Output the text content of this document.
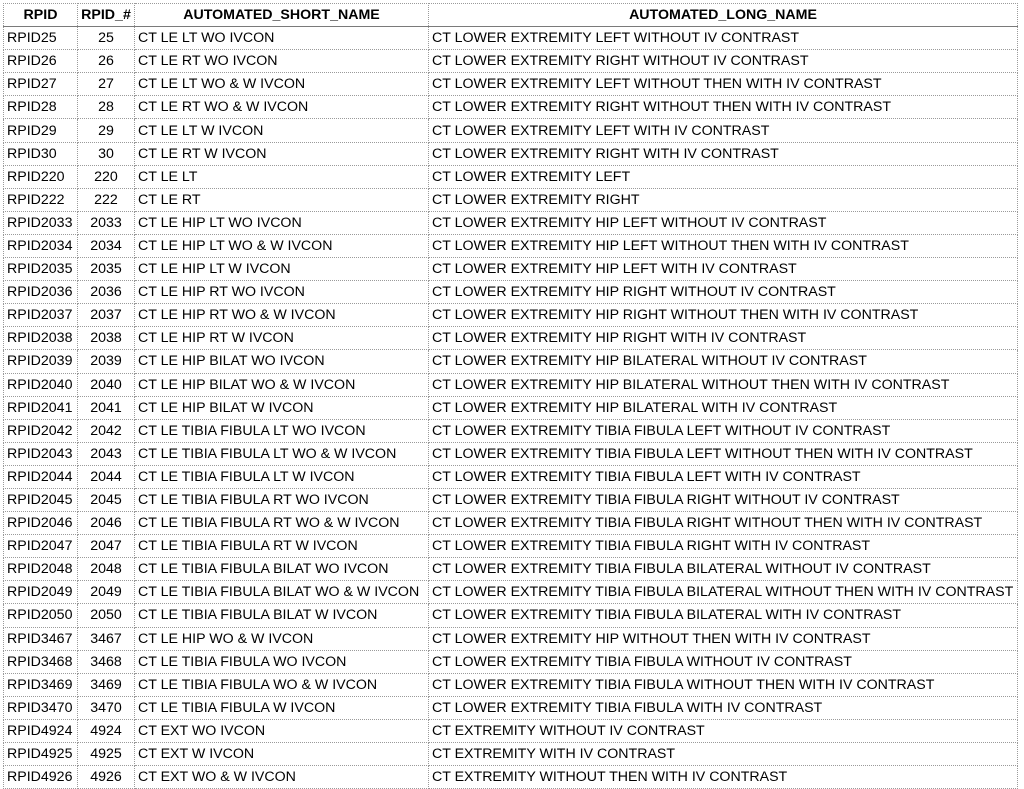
RPID	RPID_#	AUTOMATED_SHORT_NAME	AUTOMATED_LONG_NAME
RPID25	25	CT LE LT WO IVCON	CT LOWER EXTREMITY LEFT WITHOUT IV CONTRAST
RPID26	26	CT LE RT WO IVCON	CT LOWER EXTREMITY RIGHT WITHOUT IV CONTRAST
RPID27	27	CT LE LT WO & W IVCON	CT LOWER EXTREMITY LEFT WITHOUT THEN WITH IV CONTRAST
RPID28	28	CT LE RT WO & W IVCON	CT LOWER EXTREMITY RIGHT WITHOUT THEN WITH IV CONTRAST
RPID29	29	CT LE LT W IVCON	CT LOWER EXTREMITY LEFT WITH IV CONTRAST
RPID30	30	CT LE RT W IVCON	CT LOWER EXTREMITY RIGHT WITH IV CONTRAST
RPID220	220	CT LE LT	CT LOWER EXTREMITY LEFT
RPID222	222	CT LE RT	CT LOWER EXTREMITY RIGHT
RPID2033	2033	CT LE HIP LT WO IVCON	CT LOWER EXTREMITY HIP LEFT WITHOUT IV CONTRAST
RPID2034	2034	CT LE HIP LT WO & W IVCON	CT LOWER EXTREMITY HIP LEFT WITHOUT THEN WITH IV CONTRAST
RPID2035	2035	CT LE HIP LT W IVCON	CT LOWER EXTREMITY HIP LEFT WITH IV CONTRAST
RPID2036	2036	CT LE HIP RT WO IVCON	CT LOWER EXTREMITY HIP RIGHT WITHOUT IV CONTRAST
RPID2037	2037	CT LE HIP RT WO & W IVCON	CT LOWER EXTREMITY HIP RIGHT WITHOUT THEN WITH IV CONTRAST
RPID2038	2038	CT LE HIP RT W IVCON	CT LOWER EXTREMITY HIP RIGHT WITH IV CONTRAST
RPID2039	2039	CT LE HIP BILAT WO IVCON	CT LOWER EXTREMITY HIP BILATERAL WITHOUT IV CONTRAST
RPID2040	2040	CT LE HIP BILAT WO & W IVCON	CT LOWER EXTREMITY HIP BILATERAL WITHOUT THEN WITH IV CONTRAST
RPID2041	2041	CT LE HIP BILAT W IVCON	CT LOWER EXTREMITY HIP BILATERAL WITH IV CONTRAST
RPID2042	2042	CT LE TIBIA FIBULA LT WO IVCON	CT LOWER EXTREMITY TIBIA FIBULA LEFT WITHOUT IV CONTRAST
RPID2043	2043	CT LE TIBIA FIBULA LT WO & W IVCON	CT LOWER EXTREMITY TIBIA FIBULA LEFT WITHOUT THEN WITH IV CONTRAST
RPID2044	2044	CT LE TIBIA FIBULA LT W IVCON	CT LOWER EXTREMITY TIBIA FIBULA LEFT WITH IV CONTRAST
RPID2045	2045	CT LE TIBIA FIBULA RT WO IVCON	CT LOWER EXTREMITY TIBIA FIBULA RIGHT WITHOUT IV CONTRAST
RPID2046	2046	CT LE TIBIA FIBULA RT WO & W IVCON	CT LOWER EXTREMITY TIBIA FIBULA RIGHT WITHOUT THEN WITH IV CONTRAST
RPID2047	2047	CT LE TIBIA FIBULA RT W IVCON	CT LOWER EXTREMITY TIBIA FIBULA RIGHT WITH IV CONTRAST
RPID2048	2048	CT LE TIBIA FIBULA BILAT WO IVCON	CT LOWER EXTREMITY TIBIA FIBULA BILATERAL WITHOUT IV CONTRAST
RPID2049	2049	CT LE TIBIA FIBULA BILAT WO & W IVCON	CT LOWER EXTREMITY TIBIA FIBULA BILATERAL WITHOUT THEN WITH IV CONTRAST
RPID2050	2050	CT LE TIBIA FIBULA BILAT W IVCON	CT LOWER EXTREMITY TIBIA FIBULA BILATERAL WITH IV CONTRAST
RPID3467	3467	CT LE HIP WO & W IVCON	CT LOWER EXTREMITY HIP WITHOUT THEN WITH IV CONTRAST
RPID3468	3468	CT LE TIBIA FIBULA WO IVCON	CT LOWER EXTREMITY TIBIA FIBULA WITHOUT IV CONTRAST
RPID3469	3469	CT LE TIBIA FIBULA WO & W IVCON	CT LOWER EXTREMITY TIBIA FIBULA WITHOUT THEN WITH IV CONTRAST
RPID3470	3470	CT LE TIBIA FIBULA W IVCON	CT LOWER EXTREMITY TIBIA FIBULA WITH IV CONTRAST
RPID4924	4924	CT EXT WO IVCON	CT EXTREMITY WITHOUT IV CONTRAST
RPID4925	4925	CT EXT W IVCON	CT EXTREMITY WITH IV CONTRAST
RPID4926	4926	CT EXT WO & W IVCON	CT EXTREMITY WITHOUT THEN WITH IV CONTRAST
